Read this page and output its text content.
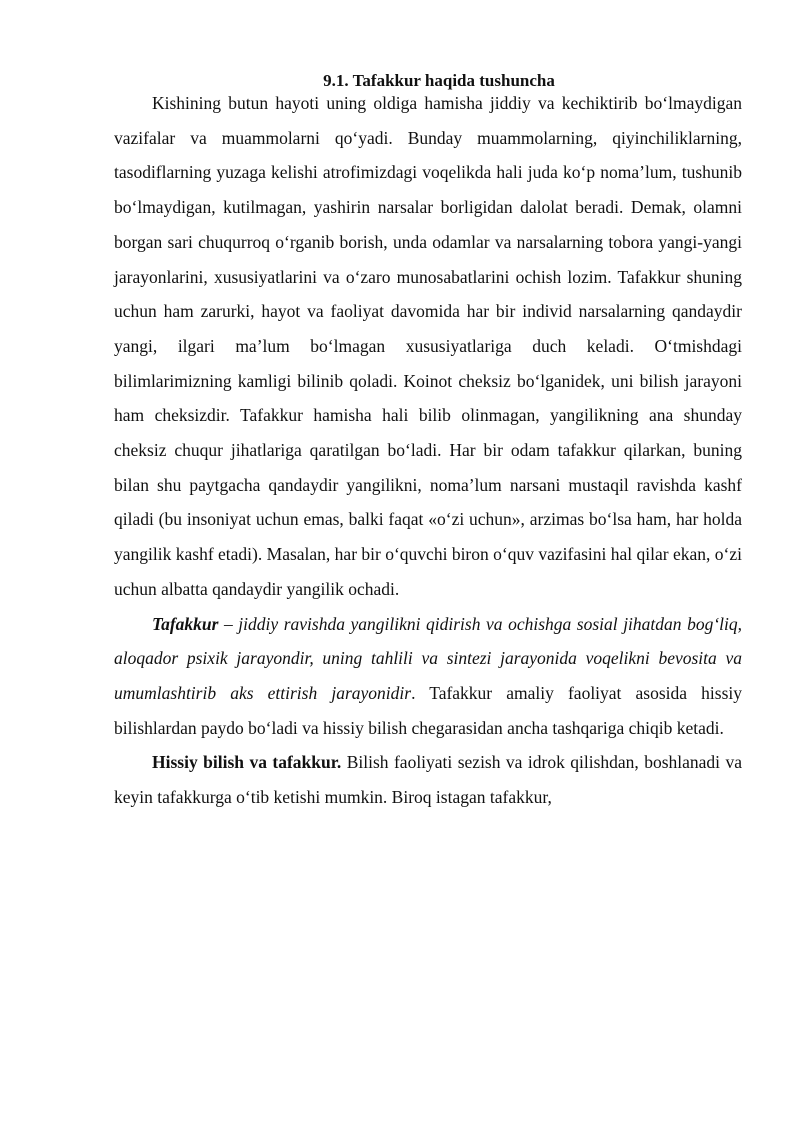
9.1. Tafakkur haqida tushuncha

Kishining butun hayoti uning oldiga hamisha jiddiy va kechiktirib bo‘lmaydigan vazifalar va muammolarni qo‘yadi. Bunday muammolarning, qiyinchiliklarning, tasodiflarning yuzaga kelishi atrofimizdagi voqelikda hali juda ko‘p noma’lum, tushunib bo‘lmaydigan, kutilmagan, yashirin narsalar borligidan dalolat beradi. Demak, olamni borgan sari chuqurroq o‘rganib borish, unda odamlar va narsalarning tobora yangi-yangi jarayonlarini, xususiyatlarini va o‘zaro munosabatlarini ochish lozim. Tafakkur shuning uchun ham zarurki, hayot va faoliyat davomida har bir individ narsalarning qandaydir yangi, ilgari ma’lum bo‘lmagan xususiyatlariga duch keladi. O‘tmishdagi bilimlarimizning kamligi bilinib qoladi. Koinot cheksiz bo‘lganidek, uni bilish jarayoni ham cheksizdir. Tafakkur hamisha hali bilib olinmagan, yangilikning ana shunday cheksiz chuqur jihatlariga qaratilgan bo‘ladi. Har bir odam tafakkur qilarkan, buning bilan shu paytgacha qandaydir yangilikni, noma’lum narsani mustaqil ravishda kashf qiladi (bu insoniyat uchun emas, balki faqat «o‘zi uchun», arzimas bo‘lsa ham, har holda yangilik kashf etadi). Masalan, har bir o‘quvchi biron o‘quv vazifasini hal qilar ekan, o‘zi uchun albatta qandaydir yangilik ochadi.

Tafakkur – jiddiy ravishda yangilikni qidirish va ochishga sosial jihatdan bog‘liq, aloqador psixik jarayondir, uning tahlili va sintezi jarayonida voqelikni bevosita va umumlashtirib aks ettirish jarayonidir. Tafakkur amaliy faoliyat asosida hissiy bilishlardan paydo bo‘ladi va hissiy bilish chegarasidan ancha tashqariga chiqib ketadi.

Hissiy bilish va tafakkur. Bilish faoliyati sezish va idrok qilishdan, boshlanadi va keyin tafakkurga o‘tib ketishi mumkin. Biroq istagan tafakkur,
